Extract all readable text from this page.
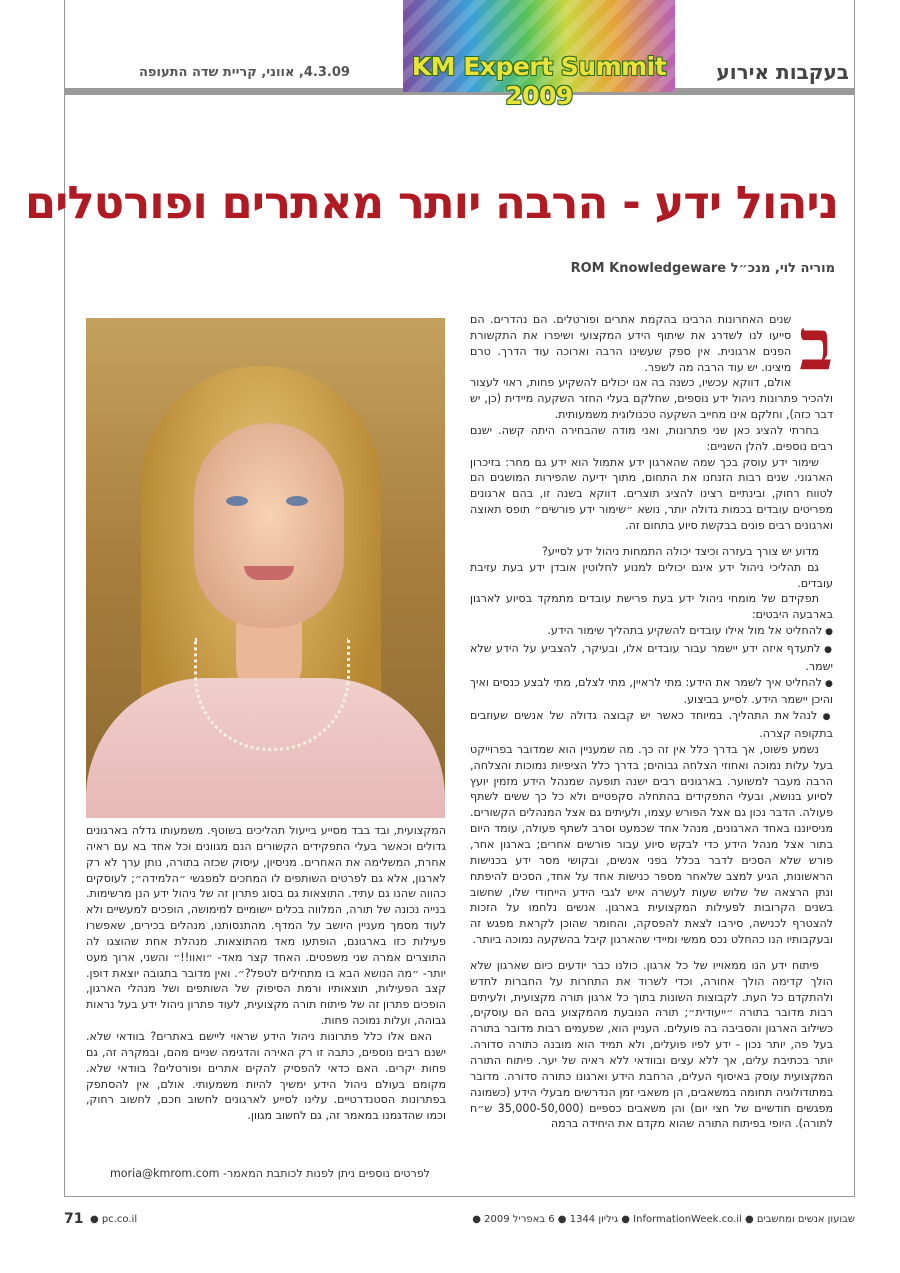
בעקבות אירוע
4.3.09, אווני, קריית שדה התעופה	KM Expert Summit 2009
ניהול ידע - הרבה יותר מאתרים ופורטלים
מוריה לוי, מנכ״ל ROM Knowledgeware
ב

שנים האחרונות הרבינו בהקמת אתרים ופורטלים. הם נהדרים. הם סייעו לנו לשדרג את שיתוף הידע המקצועי ושיפרו את התקשורת הפנים ארגונית. אין ספק שעשינו הרבה וארוכה עוד הדרך. טרם מיצינו. יש עוד הרבה מה לשפר.

אולם, דווקא עכשיו, כשנה בה אנו יכולים להשקיע פחות, ראוי לעצור ולהכיר פתרונות ניהול ידע נוספים, שחלקם בעלי החזר השקעה מיידית (כן, יש דבר כזה), וחלקם אינו מחייב השקעה טכנולוגית משמעותית.

בחרתי להציג כאן שני פתרונות, ואני מודה שהבחירה היתה קשה. ישנם רבים נוספים. להלן השניים:

שימור ידע עוסק בכך שמה שהארגון ידע אתמול הוא ידע גם מחר: בזיכרון הארגוני. שנים רבות הזנחנו את התחום, מתוך ידיעה שהפירות המושגים הם לטווח רחוק, ובינתיים רצינו להציג תוצרים. דווקא בשנה זו, בהם ארגונים מפריטים עובדים בכמות גדולה יותר, נושא ״שימור ידע פורשים״ תופס תאוצה וארגונים רבים פונים בבקשת סיוע בתחום זה.

מדוע יש צורך בעזרה וכיצד יכולה התמחות ניהול ידע לסייע?

גם תהליכי ניהול ידע אינם יכולים למנוע לחלוטין אובדן ידע בעת עזיבת עובדים.

תפקידם של מומחי ניהול ידע בעת פרישת עובדים מתמקד בסיוע לארגון בארבעה היבטים:

● להחליט אל מול אילו עובדים להשקיע בתהליך שימור הידע.
● לתעדף איזה ידע יישמר עבור עובדים אלו, ובעיקר, להצביע על הידע שלא ישמר.
● להחליט איך לשמר את הידע: מתי לראיין, מתי לצלם, מתי לבצע כנסים ואיך והיכן יישמר הידע. לסייע בביצוע.
● לנהל את התהליך. במיוחד כאשר יש קבוצה גדולה של אנשים שעוזבים בתקופה קצרה.

נשמע פשוט, אך בדרך כלל אין זה כך. מה שמעניין הוא שמדובר בפרוייקט בעל עלות נמוכה ואחוזי הצלחה גבוהים; בדרך כלל הציפיות נמוכות והצלחה, הרבה מעבר למשוער. בארגונים רבים ישנה תופעה שמנהל הידע מזמין יועץ לסיוע בנושא, ובעלי התפקידים בהתחלה סקפטיים ולא כל כך ששים לשתף פעולה. הדבר נכון גם אצל הפורש עצמו, ולעיתים גם אצל המנהלים הקשורים. מניסיוננו באחד הארגונים, מנהל אחד שכמעט וסרב לשתף פעולה, עומד היום בתור אצל מנהל הידע כדי לבקש סיוע עבור פורשים אחרים; בארגון אחר, פורש שלא הסכים לדבר בכלל בפני אנשים, ובקושי מסר ידע בכנישות הראשונות, הגיע למצב שלאחר מספר כנישות אחד על אחד, הסכים להיפתח ונתן הרצאה של שלוש שעות לעשרה איש לגבי הידע הייחודי שלו, שחשוב בשנים הקרובות לפעילות המקצועית בארגון. אנשים נלחמו על הזכות להצטרף לכנישה, סירבו לצאת להפסקה, והחומר שהוכן לקראת מפגש זה ובעקבותיו הנו כהחלט נכס ממשי ומיידי שהארגון קיבל בהשקעה נמוכה ביותר.

פיתוח ידע הנו ממאוייו של כל ארגון. כולנו כבר יודעים כיום שארגון שלא הולך קדימה הולך אחורה, וכדי לשרוד את התחרות על החברות לחדש ולהתקדם כל העת. לקבוצות השונות בתוך כל ארגון תורה מקצועית, ולעיתים רבות מדובר בתורה ״ייעודית״; תורה הנובעת מהמקצוע בהם הם עוסקים, כשילוב הארגון והסביבה בה פועלים. העניין הוא, שפעמים רבות מדובר בתורה בעל פה, יותר נכון - ידע לפיו פועלים, ולא תמיד הוא מובנה כתורה סדורה. יותר בכתיבת עלים, אך ללא עצים ובוודאי ללא ראיה של יער. פיתוח התורה המקצועית עוסק באיסוף העלים, הרחבת הידע וארגונו כתורה סדורה. מדובר במתודולוגיה תחומה במשאבים, הן משאבי זמן הנדרשים מבעלי הידע (כשמונה מפגשים חודשיים של חצי יום) והן משאבים כספיים (35,000-50,000 ש״ח לתורה). היופי בפיתוח התורה שהוא מקדם את היחידה ברמה

המקצועית, ובד בבד מסייע בייעול תהליכים בשוטף. משמעותו גדלה בארגונים גדולים וכאשר בעלי התפקידים הקשורים הנם מגוונים וכל אחד בא עם ראיה אחרת, המשלימה את האחרים. מניסיון, עיסוק שכזה בתורה, נותן ערך לא רק לארגון, אלא גם לפרטים השותפים לו המחכים למפגשי ״הלמידה״; לעוסקים כהווה שהנו גם עתיד. התוצאות גם בסוג פתרון זה של ניהול ידע הנן מרשימות. בנייה נכונה של תורה, המלווה בכלים יישומיים למימושה, הופכים למעשיים ולא לעוד מסמך מעניין היושב על המדף. מהתנסותנו, מנהלים בכירים, שאפשרו פעילות כזו בארגונם, הופתעו מאד מהתוצאות. מנהלת אחת שהוצגו לה התוצרים אמרה שני משפטים. האחד קצר מאד- ״ואוו!!״ והשני, ארוך מעט יותר- ״מה הנושא הבא בו מתחילים לטפל?״. ואין מדובר בתגובה יוצאת דופן. קצב הפעילות, תוצאותיו ורמת הסיפוק של השותפים ושל מנהלי הארגון, הופכים פתרון זה של פיתוח תורה מקצועית, לעוד פתרון ניהול ידע בעל נראות גבוהה, ועלות נמוכה פחות.

האם אלו כלל פתרונות ניהול הידע שראוי ליישם באתרים? בוודאי שלא. ישנם רבים נוספים, כתבה זו רק האירה והדגימה שניים מהם, ובמקרה זה, גם פחות יקרים. האם כדאי להפסיק להקים אתרים ופורטלים? בוודאי שלא. מקומם בעולם ניהול הידע ימשיך להיות משמעותי. אולם, אין להסתפק בפתרונות הסטנדרטיים. עלינו לסייע לארגונים לחשוב חכם, לחשוב רחוק, וכמו שהדגמנו במאמר זה, גם לחשוב מגוון.

לפרטים נוספים ניתן לפנות לכותבת המאמר- moria@kmrom.com
71 ● pc.co.il	שבועון אנשים ומחשבים ● InformationWeek.co.il ● גיליון 1344 ● 6 באפריל 2009 ●
